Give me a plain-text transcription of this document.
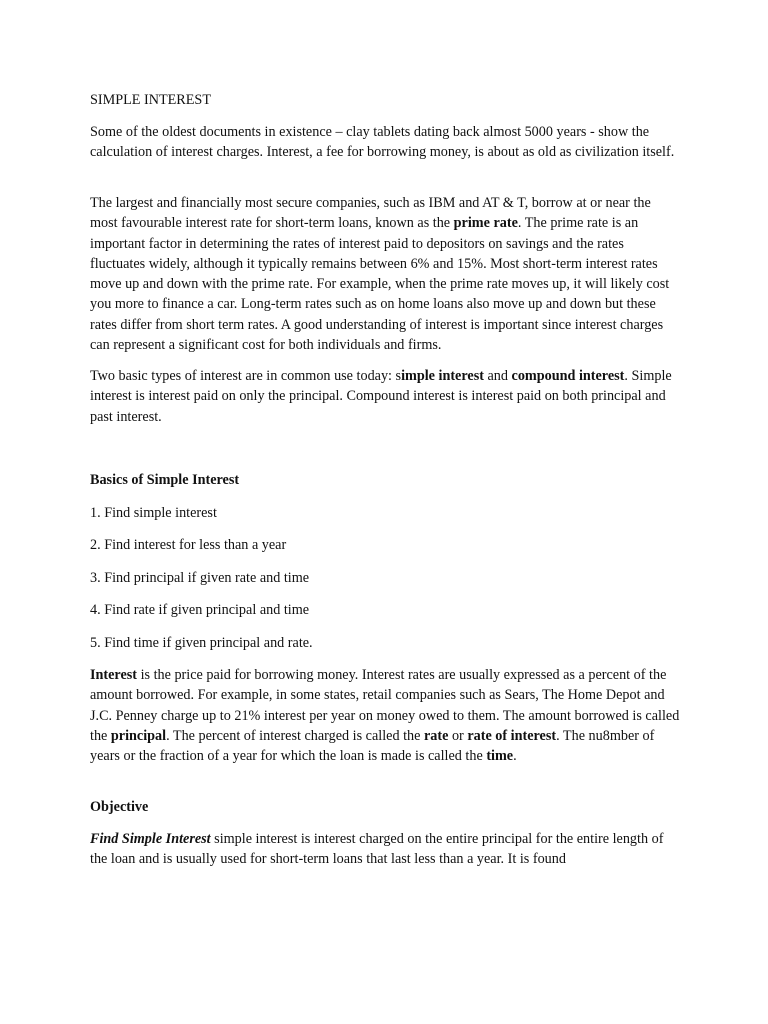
SIMPLE INTEREST

Some of the oldest documents in existence – clay tablets dating back almost 5000 years - show the calculation of interest charges. Interest, a fee for borrowing money, is about as old as civilization itself.

The largest and financially most secure companies, such as IBM and AT & T, borrow at or near the most favourable interest rate for short-term loans, known as the prime rate. The prime rate is an important factor in determining the rates of interest paid to depositors on savings and the rates fluctuates widely, although it typically remains between 6% and 15%. Most short-term interest rates move up and down with the prime rate. For example, when the prime rate moves up, it will likely cost you more to finance a car. Long-term rates such as on home loans also move up and down but these rates differ from short term rates. A good understanding of interest is important since interest charges can represent a significant cost for both individuals and firms.

Two basic types of interest are in common use today: simple interest and compound interest. Simple interest is interest paid on only the principal. Compound interest is interest paid on both principal and past interest.

Basics of Simple Interest

1. Find simple interest

2. Find interest for less than a year

3. Find principal if given rate and time

4. Find rate if given principal and time

5. Find time if given principal and rate.

Interest is the price paid for borrowing money. Interest rates are usually expressed as a percent of the amount borrowed. For example, in some states, retail companies such as Sears, The Home Depot and J.C. Penney charge up to 21% interest per year on money owed to them. The amount borrowed is called the principal. The percent of interest charged is called the rate or rate of interest. The nu8mber of years or the fraction of a year for which the loan is made is called the time.

Objective

Find Simple Interest simple interest is interest charged on the entire principal for the entire length of the loan and is usually used for short-term loans that last less than a year. It is found
